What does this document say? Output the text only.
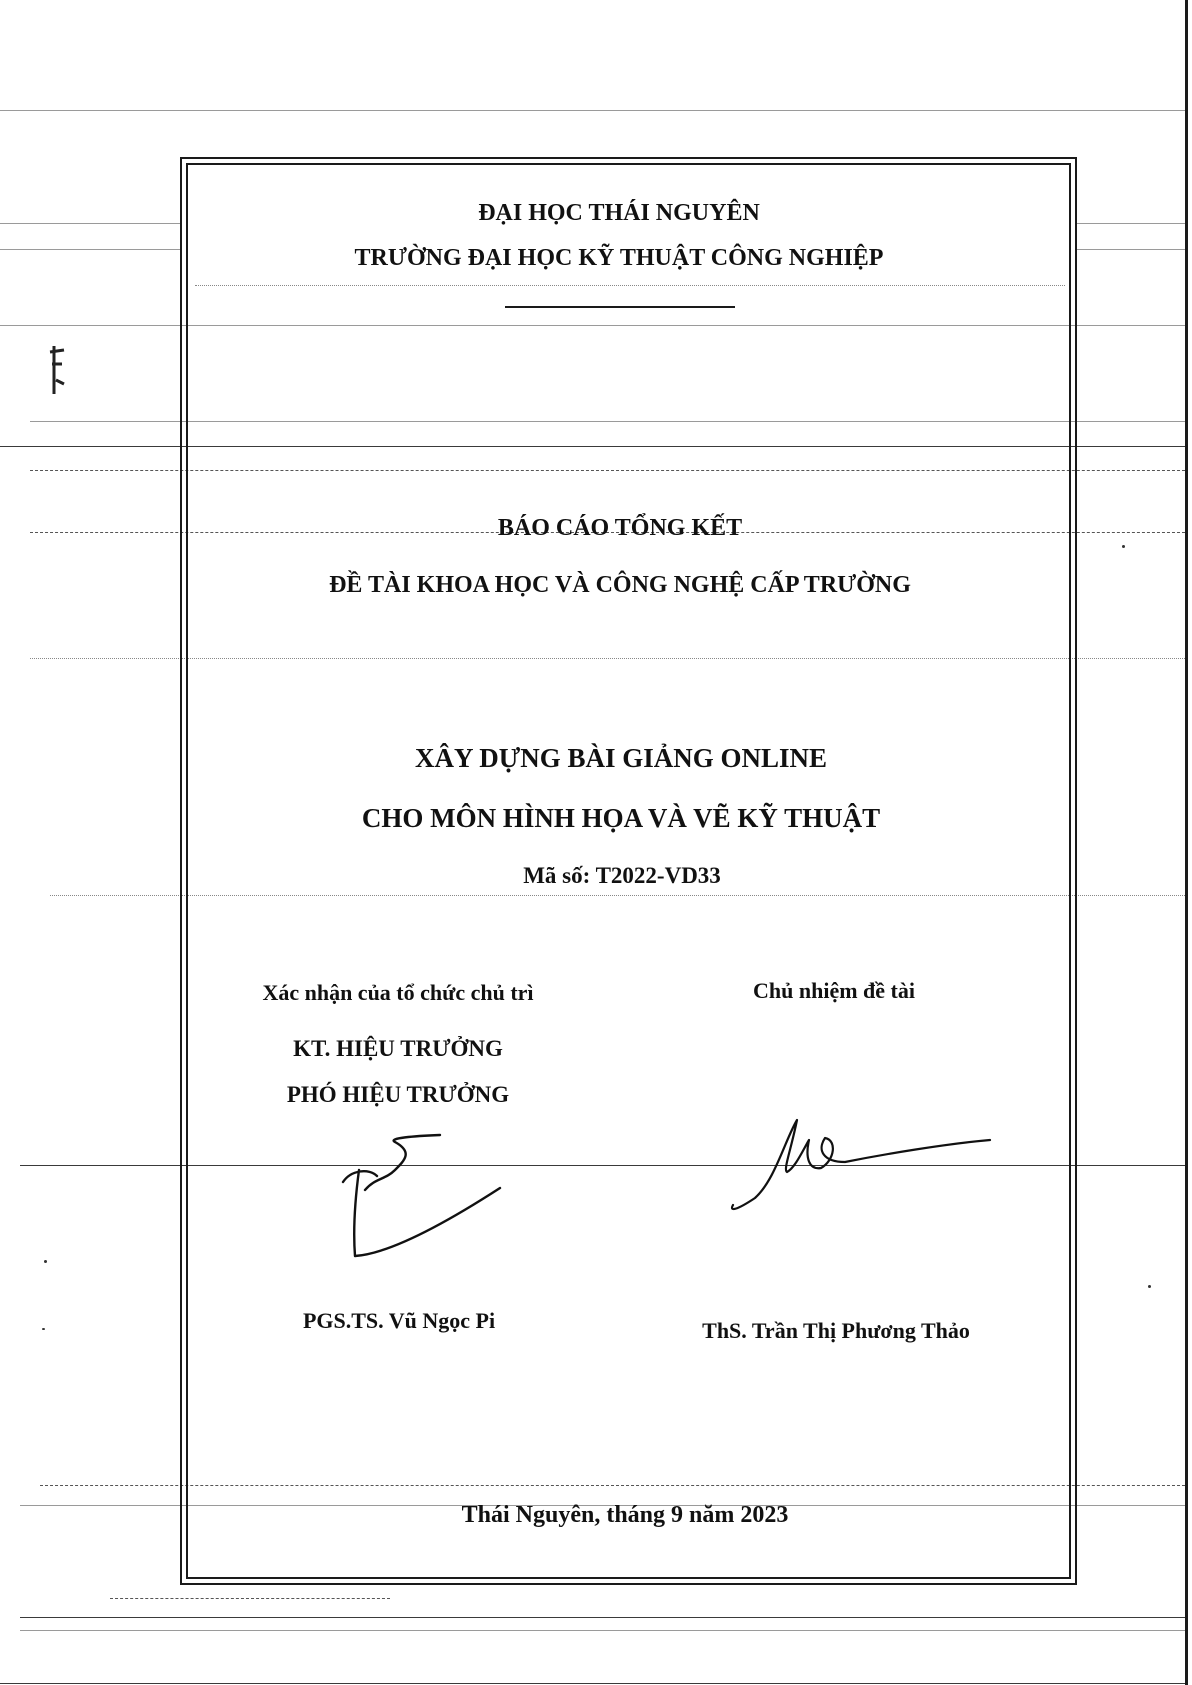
ĐẠI HỌC THÁI NGUYÊN
TRƯỜNG ĐẠI HỌC KỸ THUẬT CÔNG NGHIỆP
BÁO CÁO TỔNG KẾT
ĐỀ TÀI KHOA HỌC VÀ CÔNG NGHỆ CẤP TRƯỜNG
XÂY DỰNG BÀI GIẢNG ONLINE
CHO MÔN HÌNH HỌA VÀ VẼ KỸ THUẬT
Mã số: T2022-VD33
Xác nhận của tổ chức chủ trì
KT. HIỆU TRƯỞNG
PHÓ HIỆU TRƯỞNG
PGS.TS. Vũ Ngọc Pi
Chủ nhiệm đề tài
ThS. Trần Thị Phương Thảo
Thái Nguyên, tháng 9 năm 2023
